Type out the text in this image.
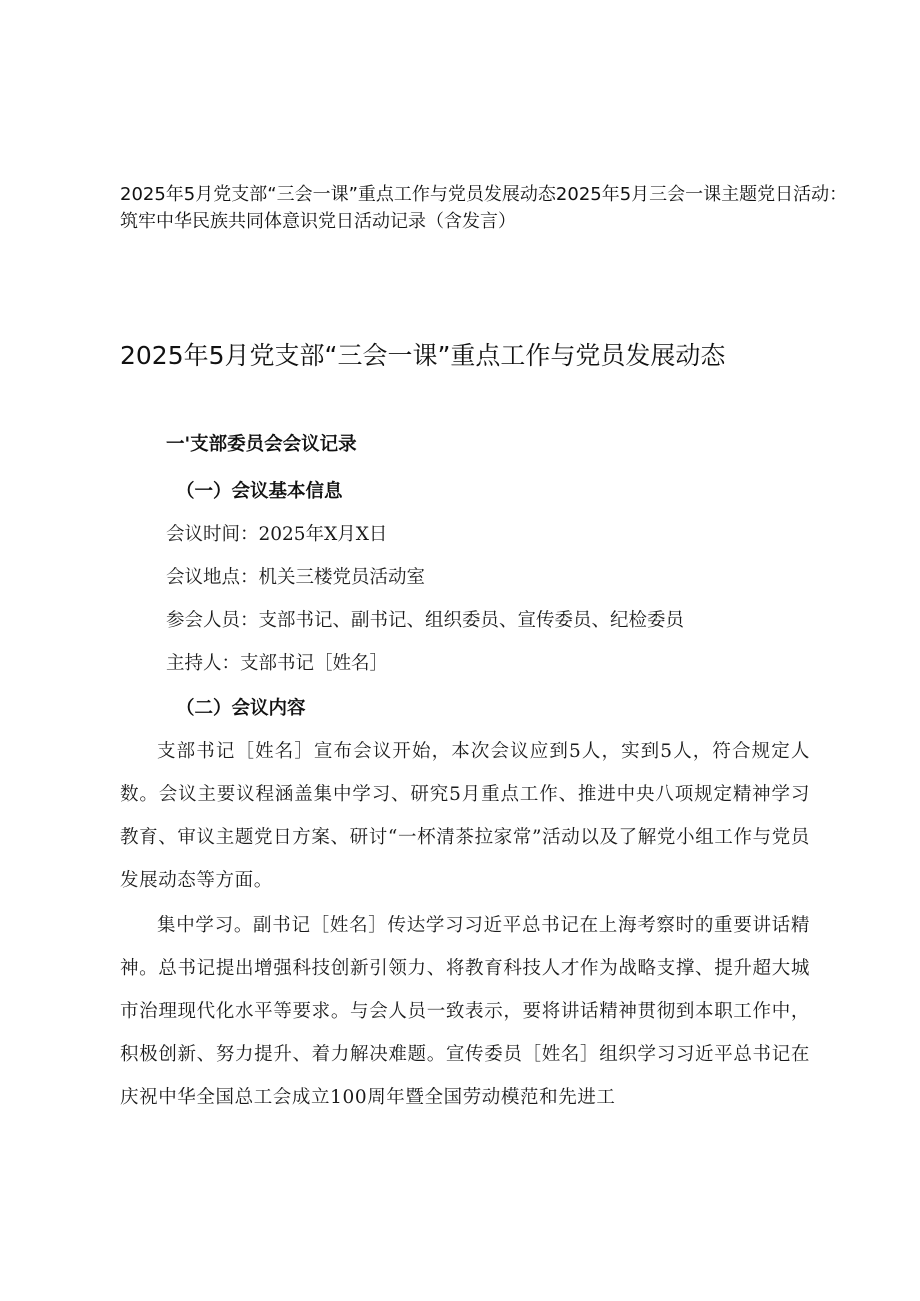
2025年5月党支部“三会一课”重点工作与党员发展动态2025年5月三会一课主题党日活动：
筑牢中华民族共同体意识党日活动记录（含发言）
2025年5月党支部“三会一课”重点工作与党员发展动态
一'支部委员会会议记录
（一）会议基本信息

会议时间：2025年X月X日

会议地点：机关三楼党员活动室

参会人员：支部书记、副书记、组织委员、宣传委员、纪检委员

主持人：支部书记［姓名］

（二）会议内容

支部书记［姓名］宣布会议开始，本次会议应到5人，实到5人，符合规定人数。会议主要议程涵盖集中学习、研究5月重点工作、推进中央八项规定精神学习教育、审议主题党日方案、研讨“一杯清茶拉家常”活动以及了解党小组工作与党员发展动态等方面。

集中学习。副书记［姓名］传达学习习近平总书记在上海考察时的重要讲话精神。总书记提出增强科技创新引领力、将教育科技人才作为战略支撑、提升超大城市治理现代化水平等要求。与会人员一致表示，要将讲话精神贯彻到本职工作中，积极创新、努力提升、着力解决难题。宣传委员［姓名］组织学习习近平总书记在庆祝中华全国总工会成立100周年暨全国劳动模范和先进工
